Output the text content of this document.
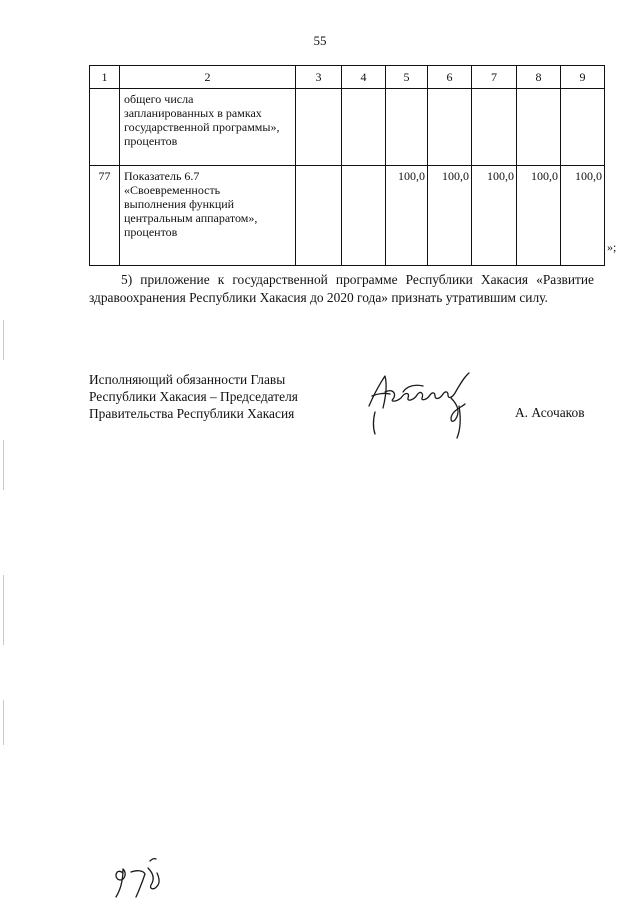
55
1	2	3	4	5	6	7	8	9

	общего числа
запланированных в рамках
государственной программы»,
процентов							

77	Показатель 6.7
«Своевременность
выполнения функций
центральным аппаратом»,
процентов			100,0	100,0	100,0	100,0	100,0
»;
5) приложение к государственной программе Республики Хакасия «Развитие здравоохранения Республики Хакасия до 2020 года» признать утратившим силу.
Исполняющий обязанности Главы
Республики Хакасия – Председателя
Правительства Республики Хакасия	А. Асочаков
